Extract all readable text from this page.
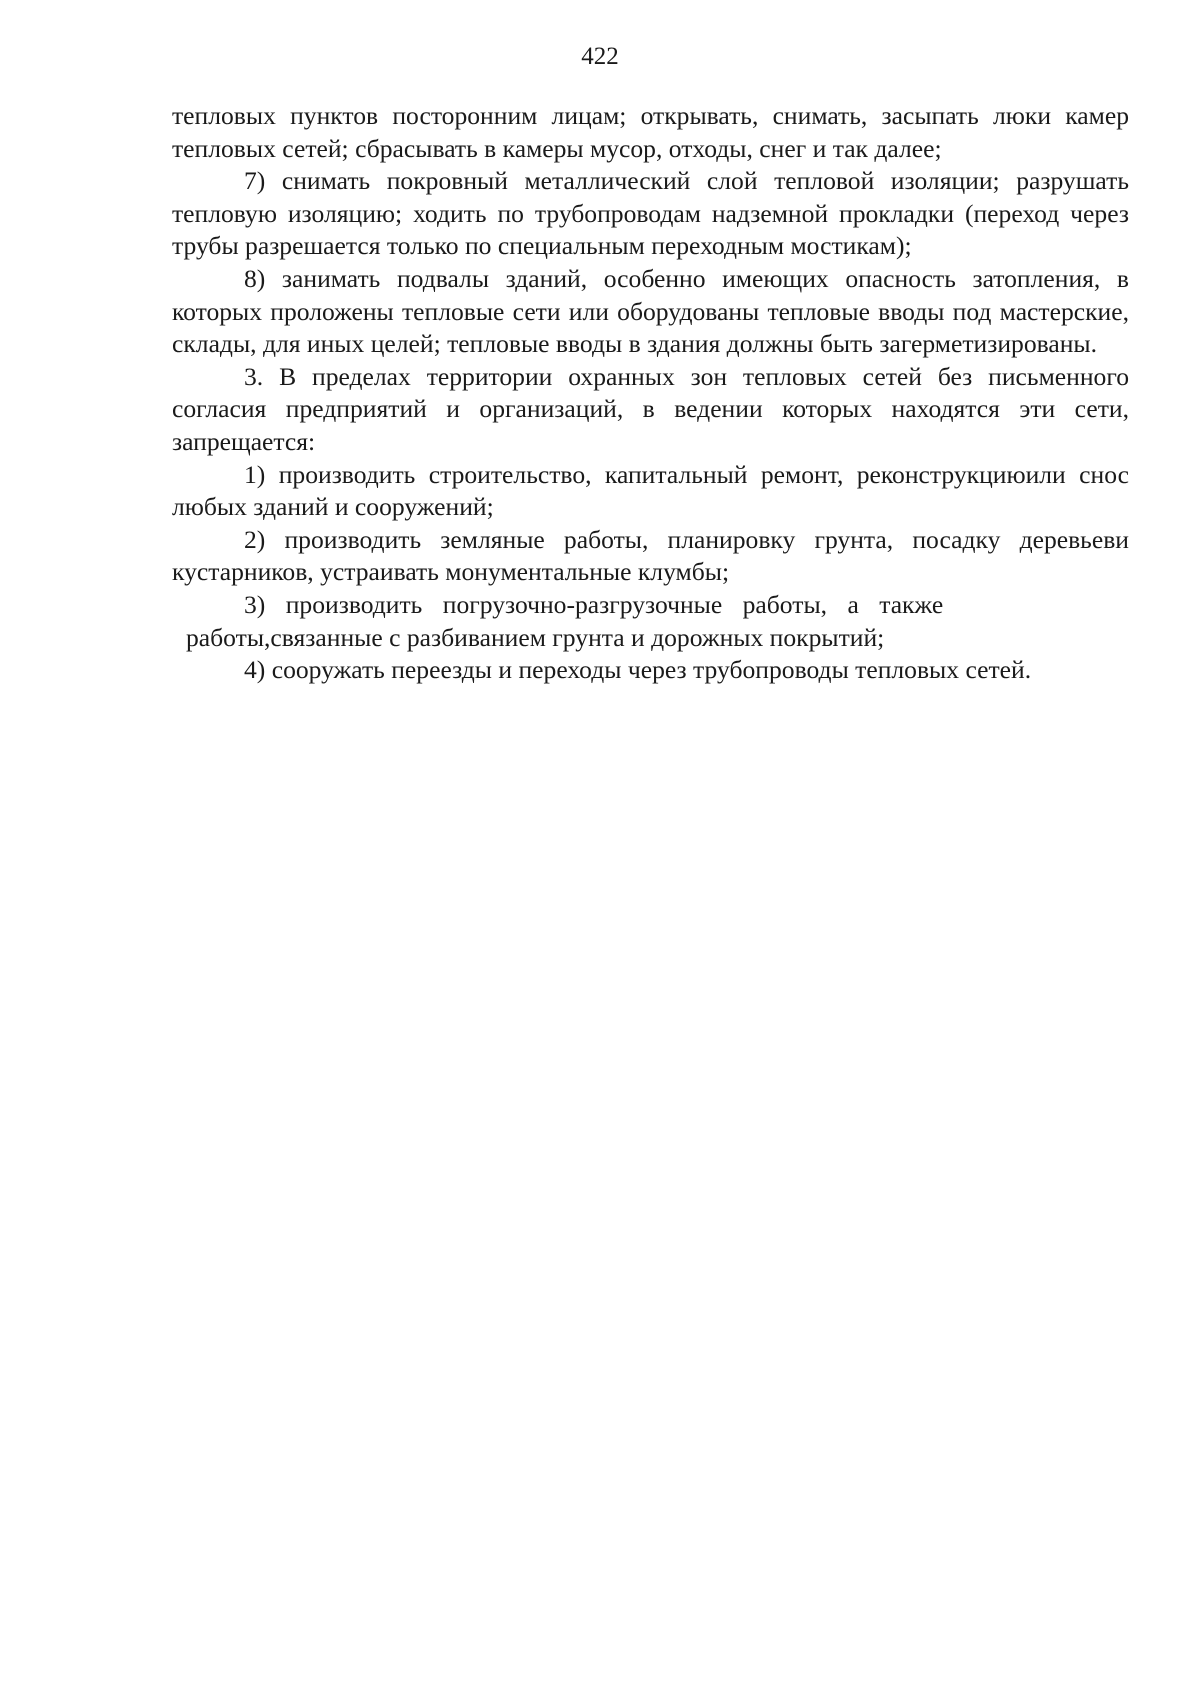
422

тепловых пунктов посторонним лицам; открывать, снимать, засыпать люки камер тепловых сетей; сбрасывать в камеры мусор, отходы, снег и так далее;

7) снимать покровный металлический слой тепловой изоляции; разрушать тепловую изоляцию; ходить по трубопроводам надземной прокладки (переход через трубы разрешается только по специальным переходным мостикам);

8) занимать подвалы зданий, особенно имеющих опасность затопления, в которых проложены тепловые сети или оборудованы тепловые вводы под мастерские, склады, для иных целей; тепловые вводы в здания должны быть загерметизированы.

3. В пределах территории охранных зон тепловых сетей без письменного согласия предприятий и организаций, в ведении которых находятся эти сети, запрещается:

1) производить строительство, капитальный ремонт, реконструкциюили снос любых зданий и сооружений;

2) производить земляные работы, планировку грунта, посадку деревьеви кустарников, устраивать монументальные клумбы;

3) производить погрузочно-разгрузочные работы, а также

работы,связанные с разбиванием грунта и дорожных покрытий;

4) сооружать переезды и переходы через трубопроводы тепловых сетей.
